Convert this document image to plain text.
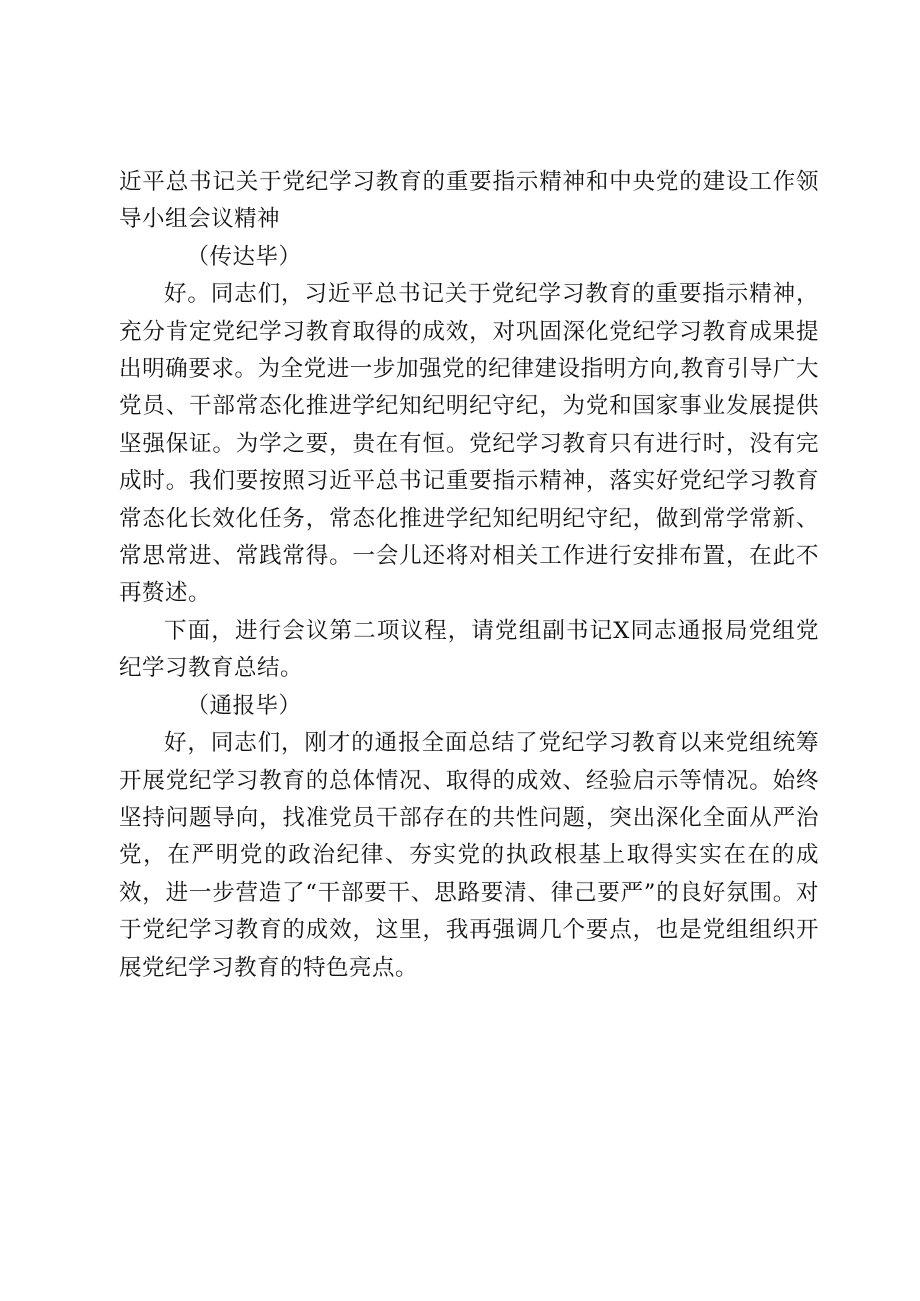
近平总书记关于党纪学习教育的重要指示精神和中央党的建设工作领导小组会议精神

（传达毕）

好。同志们，习近平总书记关于党纪学习教育的重要指示精神，充分肯定党纪学习教育取得的成效，对巩固深化党纪学习教育成果提出明确要求。为全党进一步加强党的纪律建设指明方向,教育引导广大党员、干部常态化推进学纪知纪明纪守纪，为党和国家事业发展提供坚强保证。为学之要，贵在有恒。党纪学习教育只有进行时，没有完成时。我们要按照习近平总书记重要指示精神，落实好党纪学习教育常态化长效化任务，常态化推进学纪知纪明纪守纪，做到常学常新、常思常进、常践常得。一会儿还将对相关工作进行安排布置，在此不再赘述。

下面，进行会议第二项议程，请党组副书记X同志通报局党组党纪学习教育总结。

（通报毕）

好，同志们，刚才的通报全面总结了党纪学习教育以来党组统筹开展党纪学习教育的总体情况、取得的成效、经验启示等情况。始终坚持问题导向，找准党员干部存在的共性问题，突出深化全面从严治党，在严明党的政治纪律、夯实党的执政根基上取得实实在在的成效，进一步营造了“干部要干、思路要清、律己要严”的良好氛围。对于党纪学习教育的成效，这里，我再强调几个要点，也是党组组织开展党纪学习教育的特色亮点。
